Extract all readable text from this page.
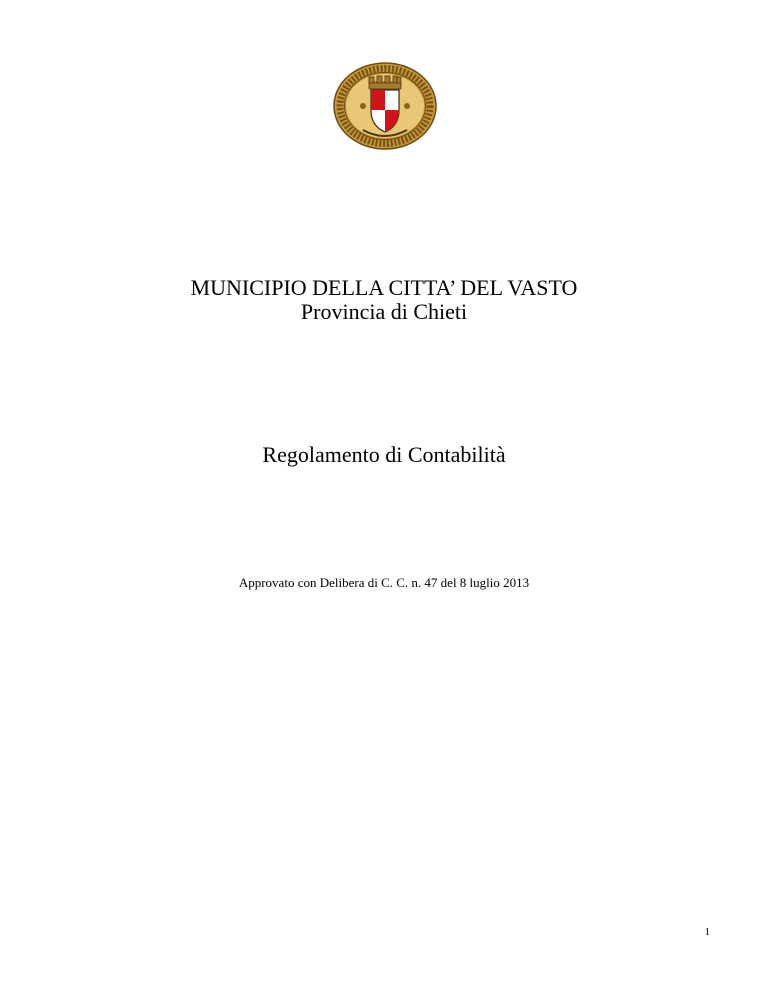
MUNICIPIO DELLA CITTA’ DEL VASTO
Provincia di Chieti
Regolamento di Contabilità
Approvato con Delibera di C. C. n. 47 del 8 luglio 2013
1
